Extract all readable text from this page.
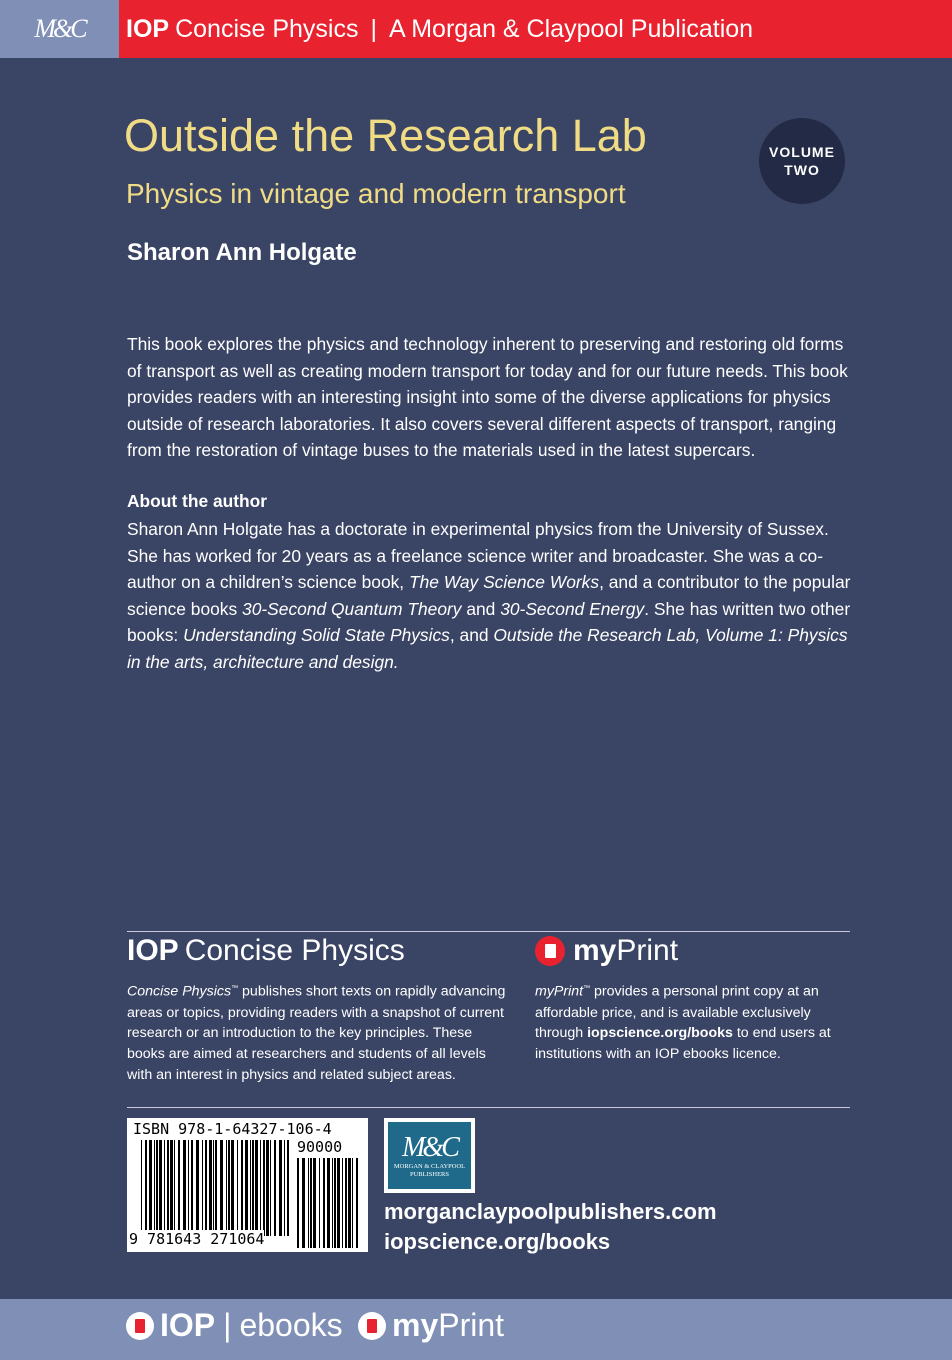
M&C IOP Concise Physics | A Morgan & Claypool Publication
Outside the Research Lab
Physics in vintage and modern transport
Sharon Ann Holgate
VOLUME
TWO
This book explores the physics and technology inherent to preserving and restoring old forms of transport as well as creating modern transport for today and for our future needs. This book provides readers with an interesting insight into some of the diverse applications for physics outside of research laboratories. It also covers several different aspects of transport, ranging from the restoration of vintage buses to the materials used in the latest supercars.
About the author
Sharon Ann Holgate has a doctorate in experimental physics from the University of Sussex. She has worked for 20 years as a freelance science writer and broadcaster. She was a co-author on a children’s science book, The Way Science Works, and a contributor to the popular science books 30-Second Quantum Theory and 30-Second Energy. She has written two other books: Understanding Solid State Physics, and Outside the Research Lab, Volume 1: Physics in the arts, architecture and design.
IOP Concise Physics
Concise Physics™ publishes short texts on rapidly advancing areas or topics, providing readers with a snapshot of current research or an introduction to the key principles. These books are aimed at researchers and students of all levels with an interest in physics and related subject areas.
my Print
myPrint™ provides a personal print copy at an affordable price, and is available exclusively through iopscience.org/books to end users at institutions with an IOP ebooks licence.
ISBN 978-1-64327-106-4
90000
9 781643 271064
M&C
MORGAN & CLAYPOOL PUBLISHERS
morganclaypoolpublishers.com
iopscience.org/books
IOP | ebooks my Print
